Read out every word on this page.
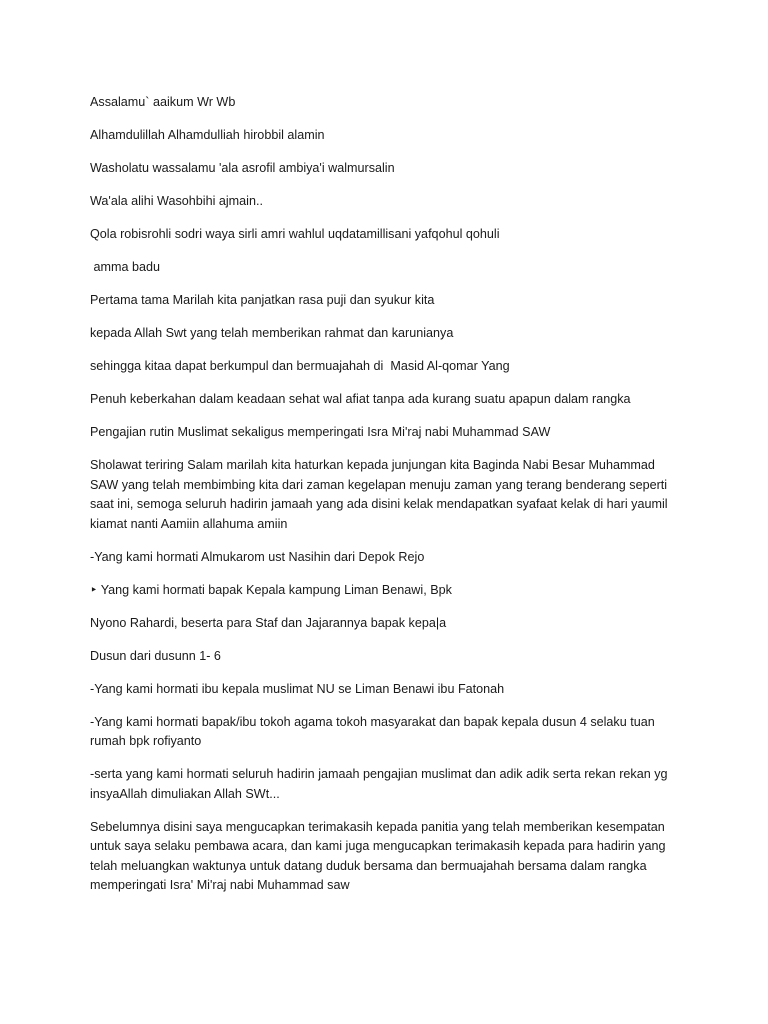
Assalamu` aaikum Wr Wb

Alhamdulillah Alhamdulliah hirobbil alamin

Washolatu wassalamu 'ala asrofil ambiya'i walmursalin

Wa'ala alihi Wasohbihi ajmain..

Qola robisrohli sodri waya sirli amri wahlul uqdatamillisani yafqohul qohuli

amma badu

Pertama tama Marilah kita panjatkan rasa puji dan syukur kita

kepada Allah Swt yang telah memberikan rahmat dan karunianya

sehingga kitaa dapat berkumpul dan bermuajahah di  Masid Al-qomar Yang

Penuh keberkahan dalam keadaan sehat wal afiat tanpa ada kurang suatu apapun dalam rangka

Pengajian rutin Muslimat sekaligus memperingati Isra Mi'raj nabi Muhammad SAW

Sholawat teriring Salam marilah kita haturkan kepada junjungan kita Baginda Nabi Besar Muhammad SAW yang telah membimbing kita dari zaman kegelapan menuju zaman yang terang benderang seperti saat ini, semoga seluruh hadirin jamaah yang ada disini kelak mendapatkan syafaat kelak di hari yaumil kiamat nanti Aamiin allahuma amiin

-Yang kami hormati Almukarom ust Nasihin dari Depok Rejo

‣ Yang kami hormati bapak Kepala kampung Liman Benawi, Bpk

Nyono Rahardi, beserta para Staf dan Jajarannya bapak kepa|a

Dusun dari dusunn 1- 6

-Yang kami hormati ibu kepala muslimat NU se Liman Benawi ibu Fatonah

-Yang kami hormati bapak/ibu tokoh agama tokoh masyarakat dan bapak kepala dusun 4 selaku tuan rumah bpk rofiyanto

-serta yang kami hormati seluruh hadirin jamaah pengajian muslimat dan adik adik serta rekan rekan yg insyaAllah dimuliakan Allah SWt...

Sebelumnya disini saya mengucapkan terimakasih kepada panitia yang telah memberikan kesempatan untuk saya selaku pembawa acara, dan kami juga mengucapkan terimakasih kepada para hadirin yang telah meluangkan waktunya untuk datang duduk bersama dan bermuajahah bersama dalam rangka memperingati Isra' Mi'raj nabi Muhammad saw
